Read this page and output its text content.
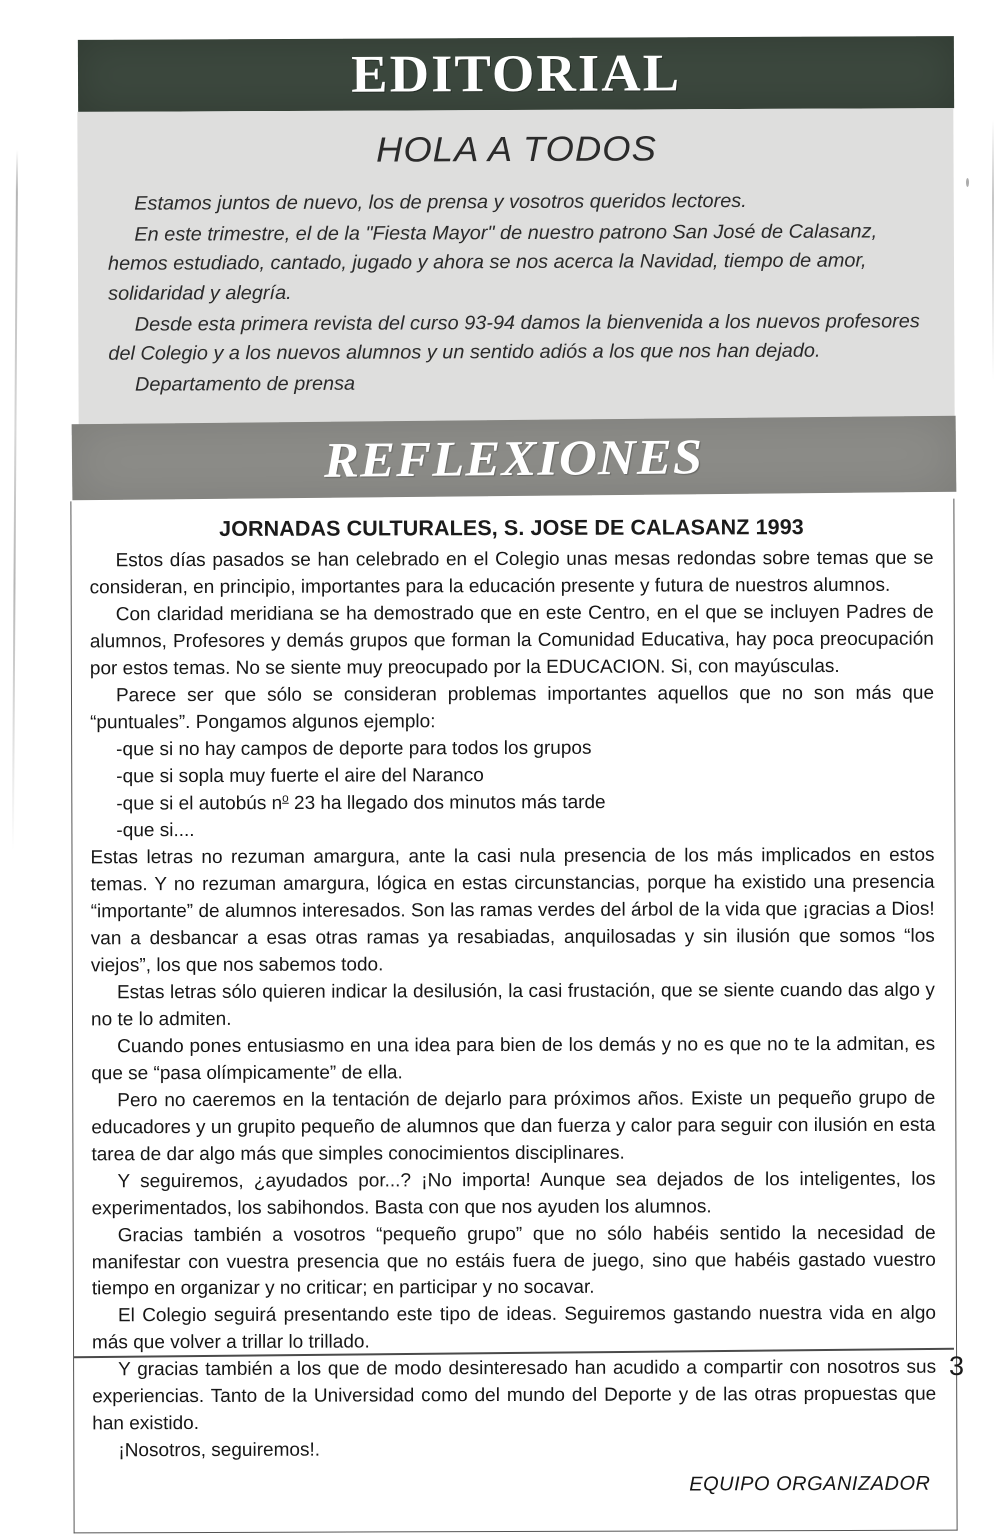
EDITORIAL
HOLA A TODOS

Estamos juntos de nuevo, los de prensa y vosotros queridos lectores.

En este trimestre, el de la "Fiesta Mayor" de nuestro patrono San José de Calasanz, hemos estudiado, cantado, jugado y ahora se nos acerca la Navidad, tiempo de amor, solidaridad y alegría.

Desde esta primera revista del curso 93-94 damos la bienvenida a los nuevos profesores del Colegio y a los nuevos alumnos y un sentido adiós a los que nos han dejado.

Departamento de prensa

REFLEXIONES
JORNADAS CULTURALES, S. JOSE DE CALASANZ 1993

Estos días pasados se han celebrado en el Colegio unas mesas redondas sobre temas que se consideran, en principio, importantes para la educación presente y futura de nuestros alumnos.

Con claridad meridiana se ha demostrado que en este Centro, en el que se incluyen Padres de alumnos, Profesores y demás grupos que forman la Comunidad Educativa, hay poca preocupación por estos temas. No se siente muy preocupado por la EDUCACION. Si, con mayúsculas.

Parece ser que sólo se consideran problemas importantes aquellos que no son más que “puntuales”. Pongamos algunos ejemplo:

-que si no hay campos de deporte para todos los grupos

-que si sopla muy fuerte el aire del Naranco

-que si el autobús $n^o$ 23 ha llegado dos minutos más tarde

-que si....

Estas letras no rezuman amargura, ante la casi nula presencia de los más implicados en estos temas. Y no rezuman amargura, lógica en estas circunstancias, porque ha existido una presencia “importante” de alumnos interesados. Son las ramas verdes del árbol de la vida que ¡gracias a Dios! van a desbancar a esas otras ramas ya resabiadas, anquilosadas y sin ilusión que somos “los viejos”, los que nos sabemos todo.

Estas letras sólo quieren indicar la desilusión, la casi frustación, que se siente cuando das algo y no te lo admiten.

Cuando pones entusiasmo en una idea para bien de los demás y no es que no te la admitan, es que se “pasa olímpicamente” de ella.

Pero no caeremos en la tentación de dejarlo para próximos años. Existe un pequeño grupo de educadores y un grupito pequeño de alumnos que dan fuerza y calor para seguir con ilusión en esta tarea de dar algo más que simples conocimientos disciplinares.

Y seguiremos, ¿ayudados por...? ¡No importa! Aunque sea dejados de los inteligentes, los experimentados, los sabihondos. Basta con que nos ayuden los alumnos.

Gracias también a vosotros “pequeño grupo” que no sólo habéis sentido la necesidad de manifestar con vuestra presencia que no estáis fuera de juego, sino que habéis gastado vuestro tiempo en organizar y no criticar; en participar y no socavar.

El Colegio seguirá presentando este tipo de ideas. Seguiremos gastando nuestra vida en algo más que volver a trillar lo trillado.

Y gracias también a los que de modo desinteresado han acudido a compartir con nosotros sus experiencias. Tanto de la Universidad como del mundo del Deporte y de las otras propuestas que han existido.

¡Nosotros, seguiremos!.

EQUIPO ORGANIZADOR
3
